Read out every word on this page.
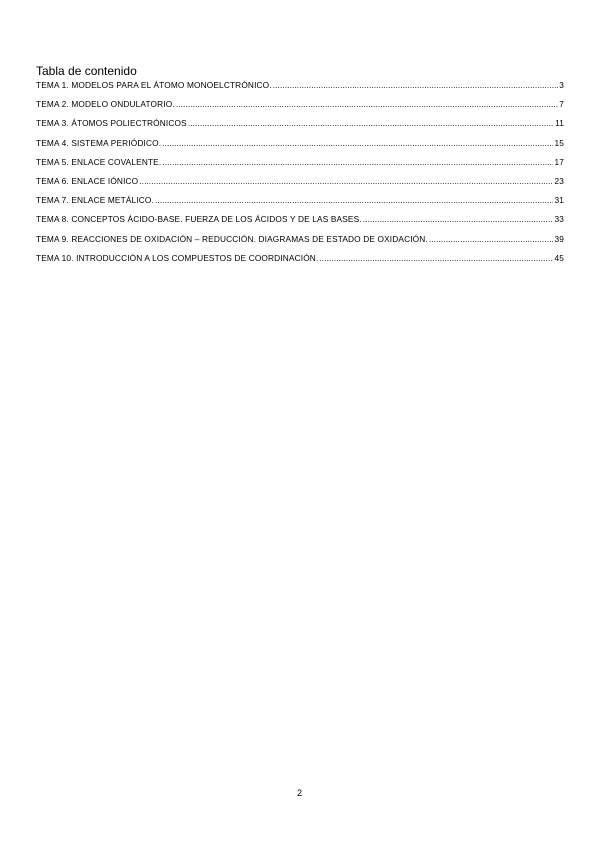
Tabla de contenido
TEMA 1. MODELOS PARA EL ÁTOMO MONOELCTRÓNICO. .....	3
TEMA 2. MODELO ONDULATORIO. .....	7
TEMA 3. ÁTOMOS POLIECTRÓNICOS .....	11
TEMA 4. SISTEMA PERIÓDICO. .....	15
TEMA 5. ENLACE COVALENTE. .....	17
TEMA 6. ENLACE IÓNICO .....	23
TEMA 7. ENLACE METÁLICO. .....	31
TEMA 8. CONCEPTOS ÁCIDO-BASE. FUERZA DE LOS ÁCIDOS Y DE LAS BASES. .....	33
TEMA 9. REACCIONES DE OXIDACIÓN – REDUCCIÓN. DIAGRAMAS DE ESTADO DE OXIDACIÓN. .....	39
TEMA 10. INTRODUCCIÓN A LOS COMPUESTOS DE COORDINACIÓN. .....	45
2
